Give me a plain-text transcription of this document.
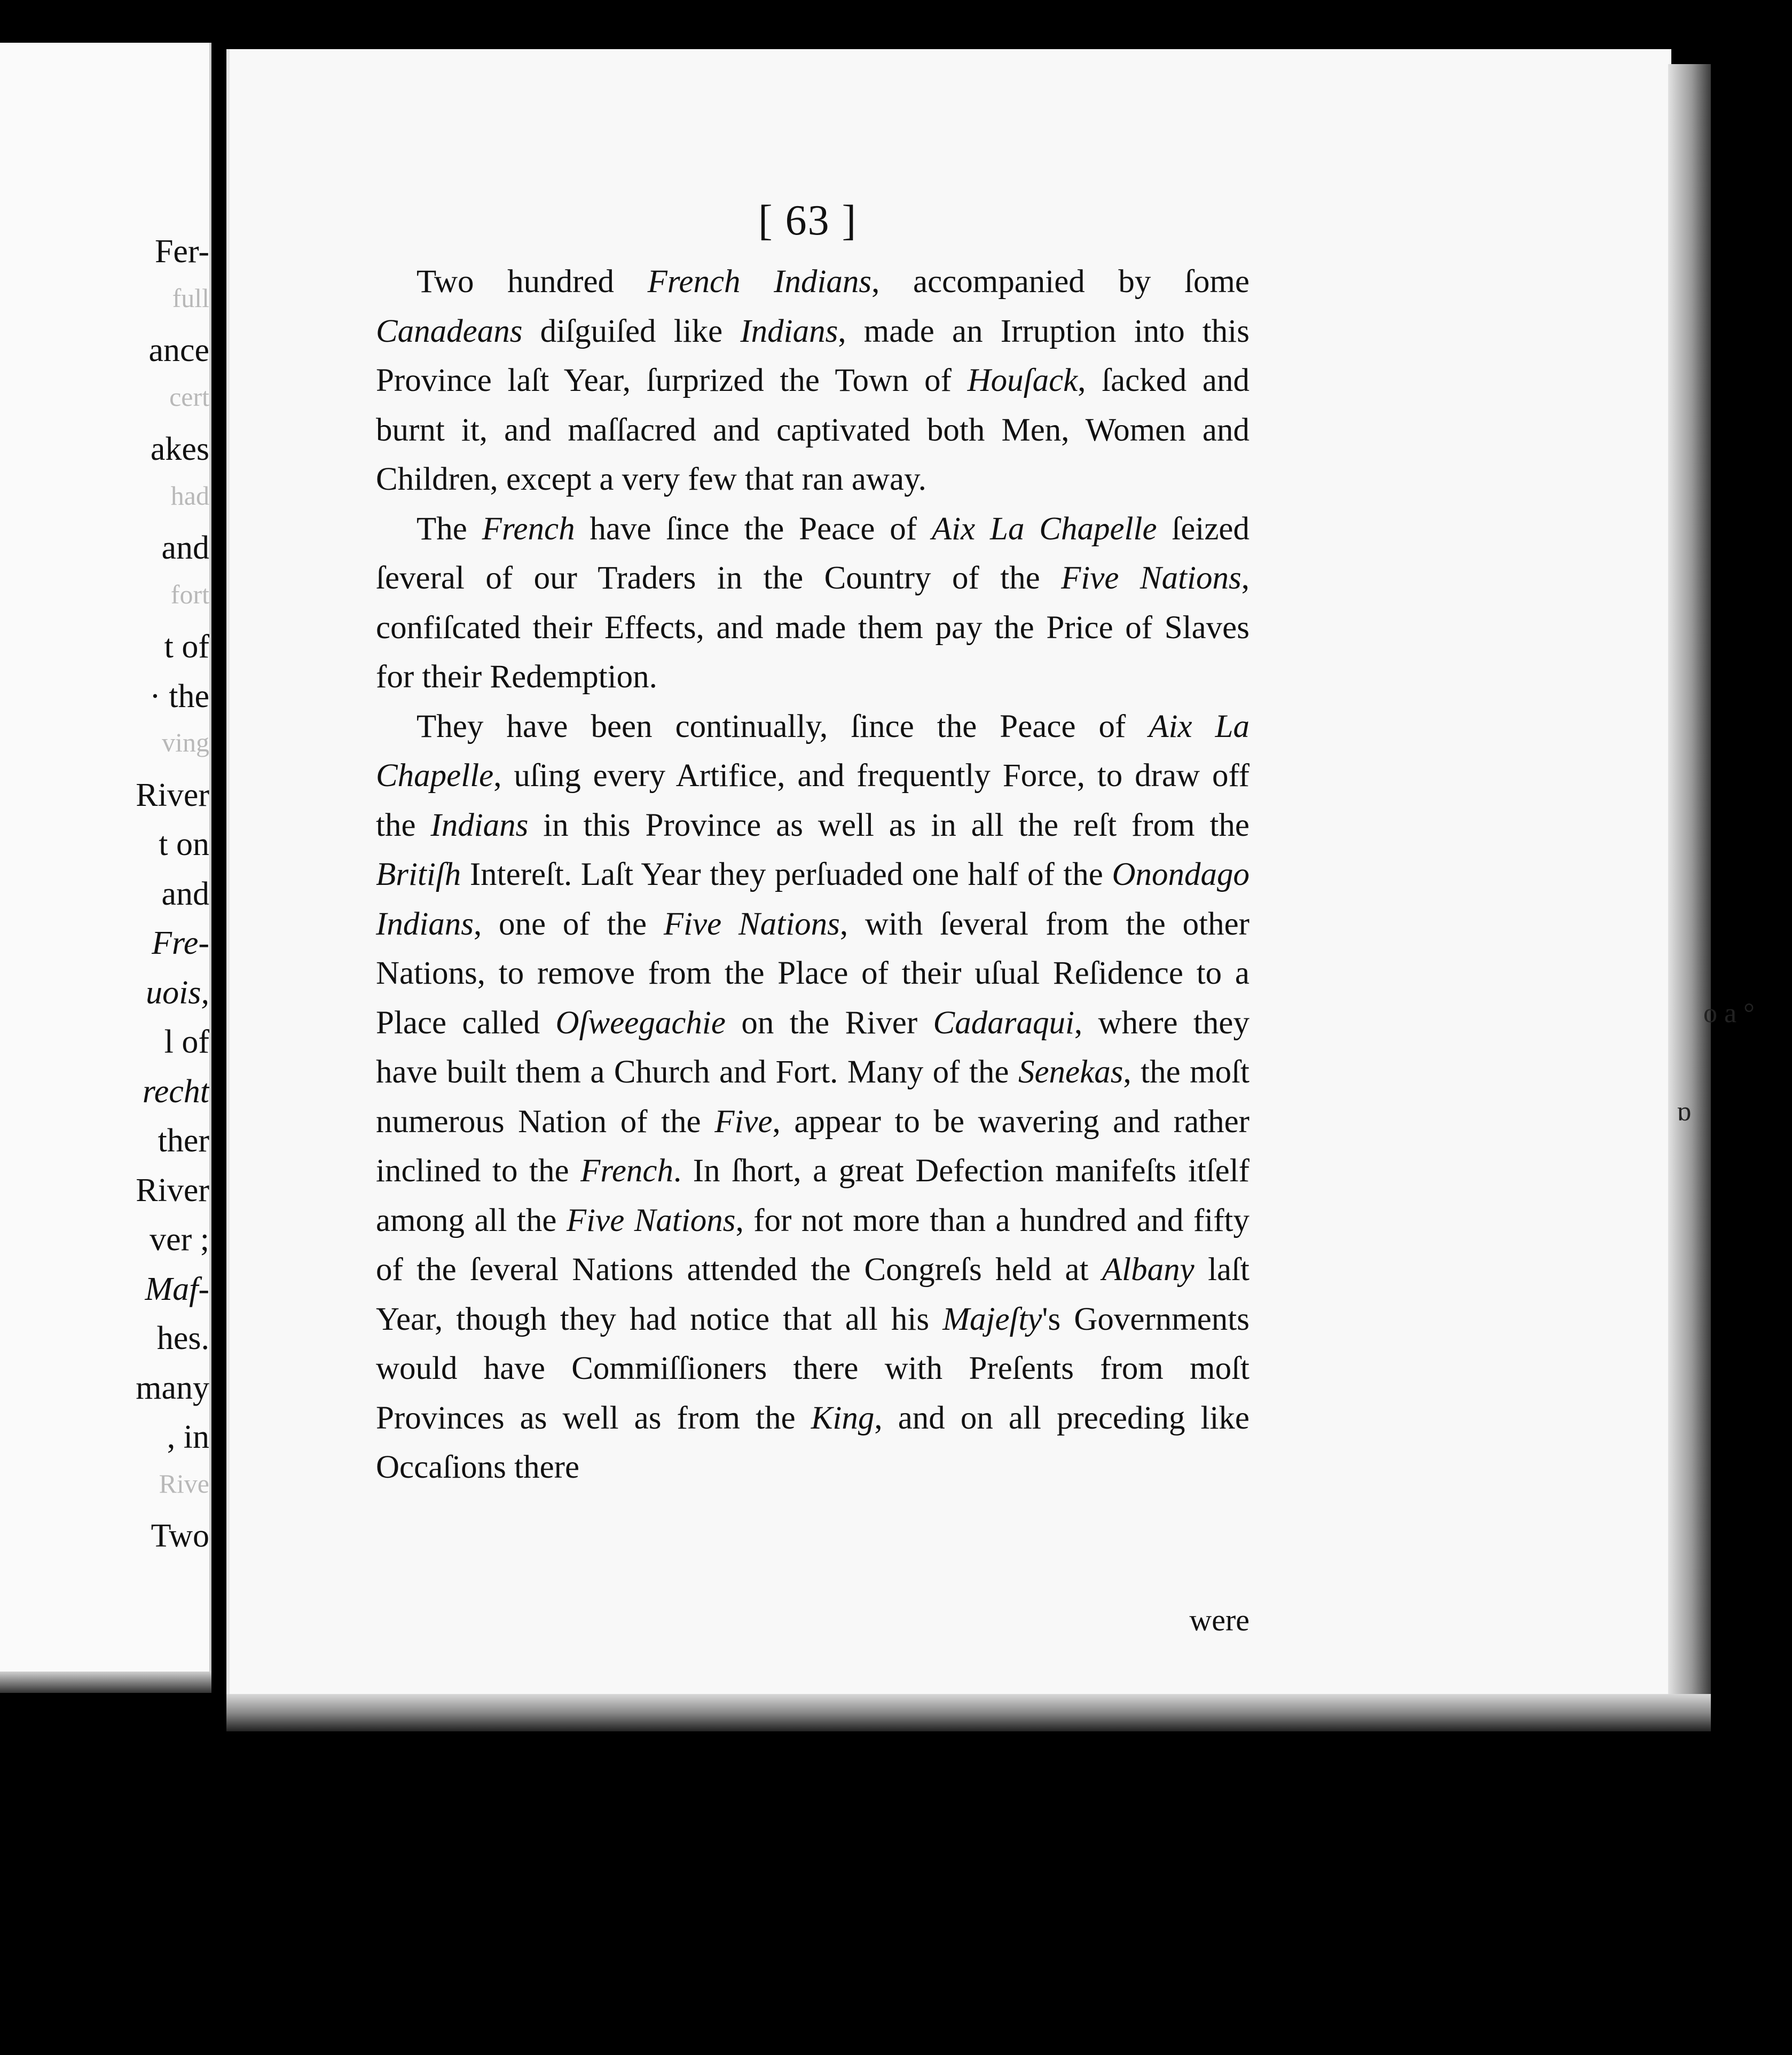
Fer-
full
ance
cert
akes
had
and
fort
t of
· the
ving
River
t on
and
Fre-
uois,
l of
recht
ther
River
ver ;
Maf-
hes.
many
, in
Rive
Two
[ 63 ]

Two hundred French Indians, accompanied by ſome Canadeans diſguiſed like Indians, made an Irruption into this Province laſt Year, ſurprized the Town of Houſack, ſacked and burnt it, and maſſacred and captivated both Men, Women and Children, except a very few that ran away.

The French have ſince the Peace of Aix La Chapelle ſeized ſeveral of our Traders in the Country of the Five Nations, confiſcated their Effects, and made them pay the Price of Slaves for their Redemption.

They have been continually, ſince the Peace of Aix La Chapelle, uſing every Artifice, and frequently Force, to draw off the Indians in this Province as well as in all the reſt from the Britiſh Intereſt. Laſt Year they perſuaded one half of the Onondago Indians, one of the Five Nations, with ſeveral from the other Nations, to remove from the Place of their uſual Reſidence to a Place called Oſweegachie on the River Cadaraqui, where they have built them a Church and Fort. Many of the Senekas, the moſt numerous Nation of the Five, appear to be wavering and rather inclined to the French. In ſhort, a great Defection manifeſts itſelf among all the Five Nations, for not more than a hundred and fifty of the ſeveral Nations attended the Congreſs held at Albany laſt Year, though they had notice that all his Majeſty's Governments would have Commiſſioners there with Preſents from moſt Provinces as well as from the King, and on all preceding like Occaſions there

were
o a °
ɒ
